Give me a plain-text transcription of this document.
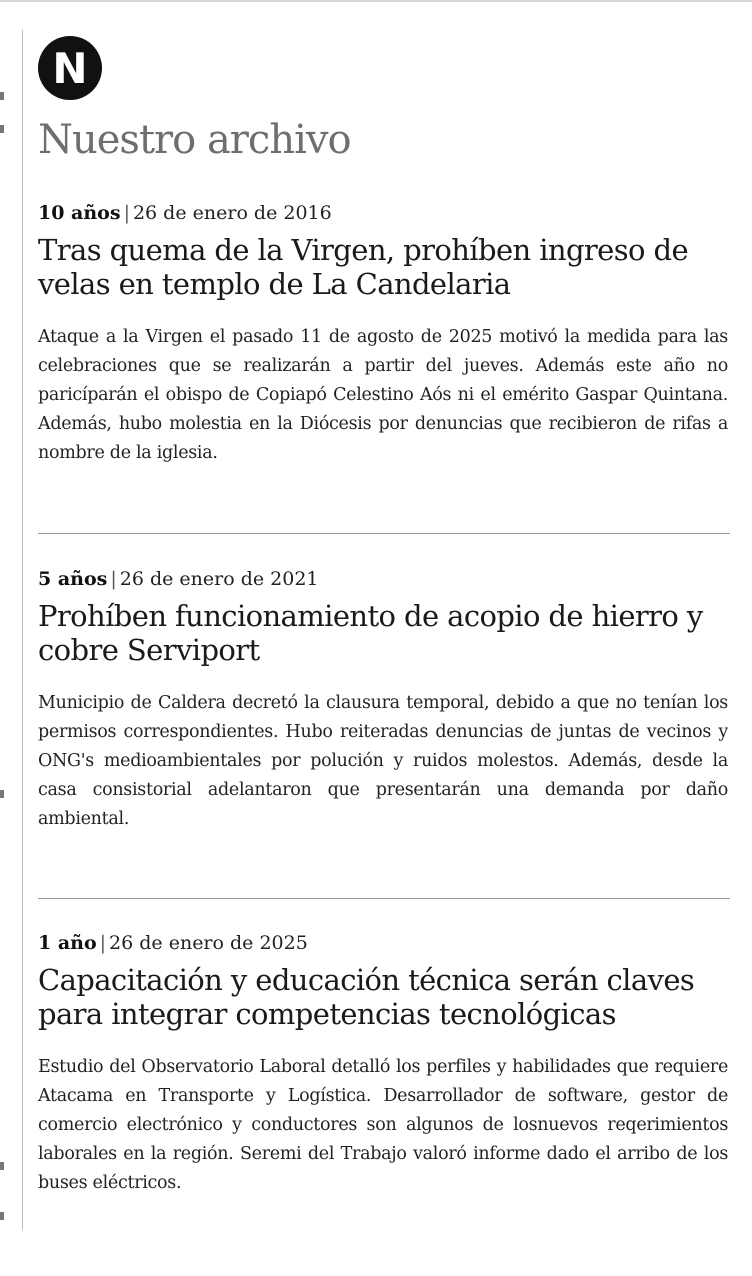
N
Nuestro archivo
10 años | 26 de enero de 2016
Tras quema de la Virgen, prohíben ingreso de velas en templo de La Candelaria

Ataque a la Virgen el pasado 11 de agosto de 2025 motivó la medida para las celebraciones que se realizarán a partir del jueves. Además este año no paricíparán el obispo de Copiapó Celestino Aós ni el emérito Gaspar Quintana. Además, hubo molestia en la Diócesis por denuncias que recibieron de rifas a nombre de la iglesia.

5 años | 26 de enero de 2021
Prohíben funcionamiento de acopio de hierro y cobre Serviport

Municipio de Caldera decretó la clausura temporal, debido a que no tenían los permisos correspondientes. Hubo reiteradas denuncias de juntas de vecinos y ONG's medioambientales por polución y ruidos molestos. Además, desde la casa consistorial adelantaron que presentarán una demanda por daño ambiental.

1 año | 26 de enero de 2025
Capacitación y educación técnica serán claves para integrar competencias tecnológicas

Estudio del Observatorio Laboral detalló los perfiles y habilidades que requiere Atacama en Transporte y Logística. Desarrollador de software, gestor de comercio electrónico y conductores son algunos de losnuevos reqerimientos laborales en la región. Seremi del Trabajo valoró informe dado el arribo de los buses eléctricos.
